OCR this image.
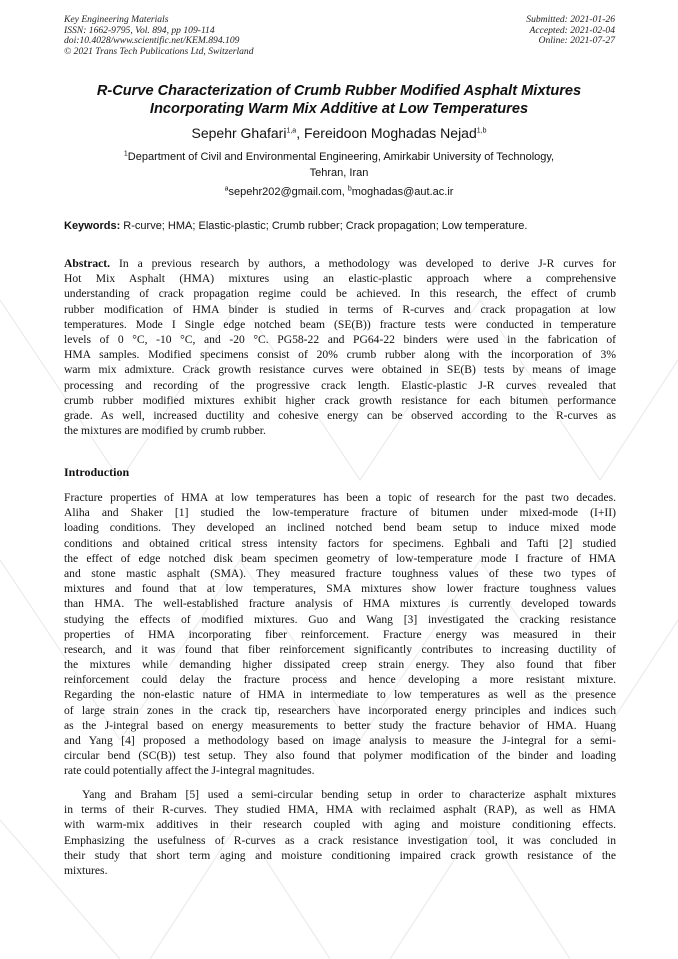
Key Engineering Materials
ISSN: 1662-9795, Vol. 894, pp 109-114
doi:10.4028/www.scientific.net/KEM.894.109
© 2021 Trans Tech Publications Ltd, Switzerland
Submitted: 2021-01-26
Accepted: 2021-02-04
Online: 2021-07-27
R-Curve Characterization of Crumb Rubber Modified Asphalt Mixtures
Incorporating Warm Mix Additive at Low Temperatures
Sepehr Ghafari$^{1,a}$, Fereidoon Moghadas Nejad$^{1,b}$
$^1$Department of Civil and Environmental Engineering, Amirkabir University of Technology,
Tehran, Iran
$^a$sepehr202@gmail.com, $^b$moghadas@aut.ac.ir
Keywords: R-curve; HMA; Elastic-plastic; Crumb rubber; Crack propagation; Low temperature.
Abstract. In a previous research by authors, a methodology was developed to derive J-R curves for
Hot Mix Asphalt (HMA) mixtures using an elastic-plastic approach where a comprehensive
understanding of crack propagation regime could be achieved. In this research, the effect of crumb
rubber modification of HMA binder is studied in terms of R-curves and crack propagation at low
temperatures. Mode I Single edge notched beam (SE(B)) fracture tests were conducted in temperature
levels of 0 °C, -10 °C, and -20 °C. PG58-22 and PG64-22 binders were used in the fabrication of
HMA samples. Modified specimens consist of 20% crumb rubber along with the incorporation of 3%
warm mix admixture. Crack growth resistance curves were obtained in SE(B) tests by means of image
processing and recording of the progressive crack length. Elastic-plastic J-R curves revealed that
crumb rubber modified mixtures exhibit higher crack growth resistance for each bitumen performance
grade. As well, increased ductility and cohesive energy can be observed according to the R-curves as
the mixtures are modified by crumb rubber.
Introduction
Fracture properties of HMA at low temperatures has been a topic of research for the past two decades.
Aliha and Shaker [1] studied the low-temperature fracture of bitumen under mixed-mode (I+II)
loading conditions. They developed an inclined notched bend beam setup to induce mixed mode
conditions and obtained critical stress intensity factors for specimens. Eghbali and Tafti [2] studied
the effect of edge notched disk beam specimen geometry of low-temperature mode I fracture of HMA
and stone mastic asphalt (SMA). They measured fracture toughness values of these two types of
mixtures and found that at low temperatures, SMA mixtures show lower fracture toughness values
than HMA. The well-established fracture analysis of HMA mixtures is currently developed towards
studying the effects of modified mixtures. Guo and Wang [3] investigated the cracking resistance
properties of HMA incorporating fiber reinforcement. Fracture energy was measured in their
research, and it was found that fiber reinforcement significantly contributes to increasing ductility of
the mixtures while demanding higher dissipated creep strain energy. They also found that fiber
reinforcement could delay the fracture process and hence developing a more resistant mixture.
Regarding the non-elastic nature of HMA in intermediate to low temperatures as well as the presence
of large strain zones in the crack tip, researchers have incorporated energy principles and indices such
as the J-integral based on energy measurements to better study the fracture behavior of HMA. Huang
and Yang [4] proposed a methodology based on image analysis to measure the J-integral for a semi-
circular bend (SC(B)) test setup. They also found that polymer modification of the binder and loading
rate could potentially affect the J-integral magnitudes.
Yang and Braham [5] used a semi-circular bending setup in order to characterize asphalt mixtures
in terms of their R-curves. They studied HMA, HMA with reclaimed asphalt (RAP), as well as HMA
with warm-mix additives in their research coupled with aging and moisture conditioning effects.
Emphasizing the usefulness of R-curves as a crack resistance investigation tool, it was concluded in
their study that short term aging and moisture conditioning impaired crack growth resistance of the
mixtures.
